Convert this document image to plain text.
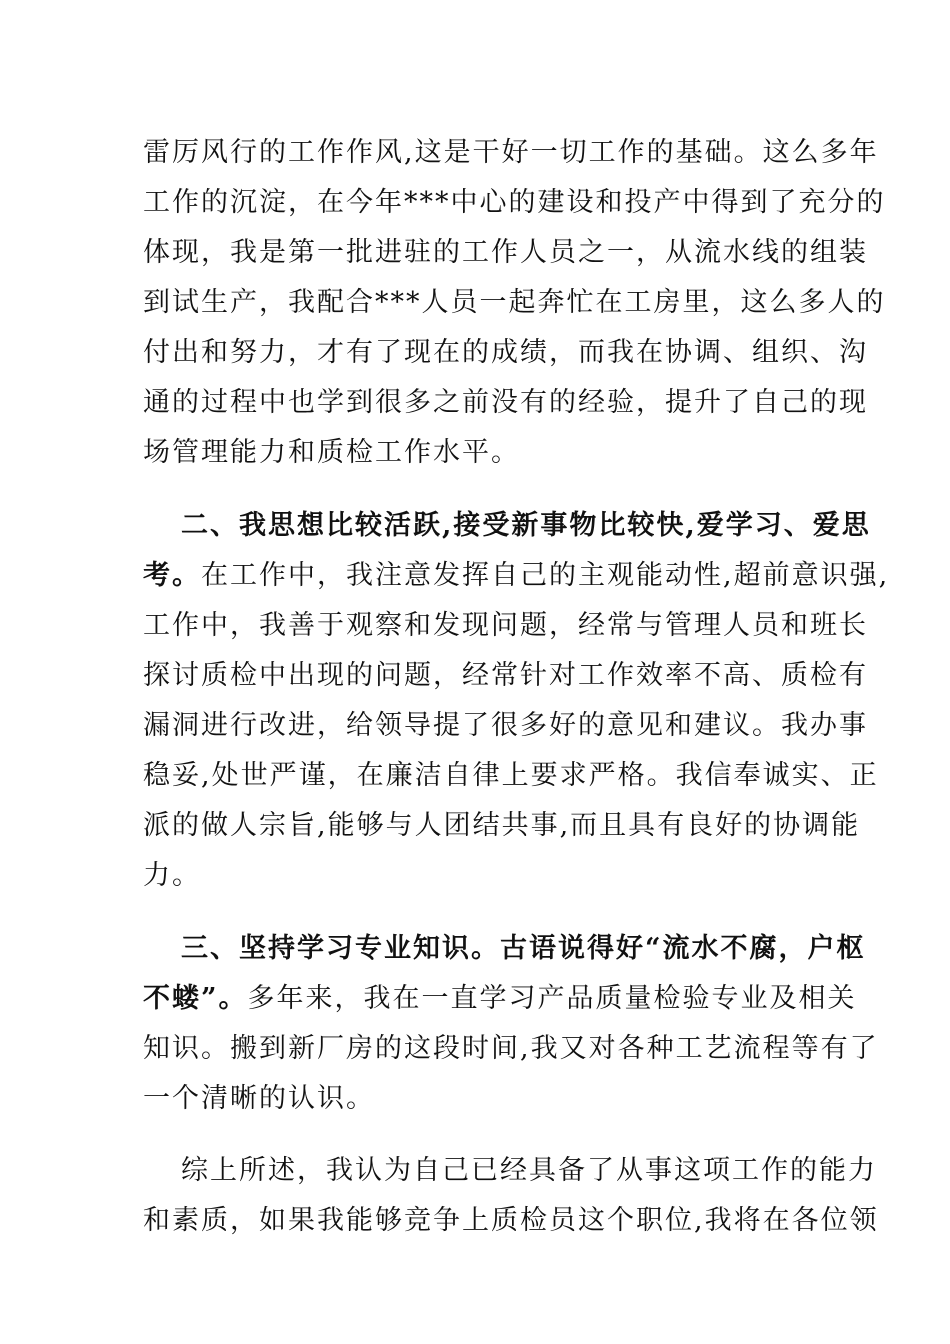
雷厉风行的工作作风,这是干好一切工作的基础。这么多年
工作的沉淀，在今年***中心的建设和投产中得到了充分的
体现，我是第一批进驻的工作人员之一，从流水线的组装
到试生产，我配合***人员一起奔忙在工房里，这么多人的
付出和努力，才有了现在的成绩，而我在协调、组织、沟
通的过程中也学到很多之前没有的经验，提升了自己的现
场管理能力和质检工作水平。
二、我思想比较活跃,接受新事物比较快,爱学习、爱思
考。在工作中，我注意发挥自己的主观能动性,超前意识强,
工作中，我善于观察和发现问题，经常与管理人员和班长
探讨质检中出现的问题，经常针对工作效率不高、质检有
漏洞进行改进，给领导提了很多好的意见和建议。我办事
稳妥,处世严谨，在廉洁自律上要求严格。我信奉诚实、正
派的做人宗旨,能够与人团结共事,而且具有良好的协调能
力。
三、坚持学习专业知识。古语说得好“流水不腐，户枢
不蝼”。多年来，我在一直学习产品质量检验专业及相关
知识。搬到新厂房的这段时间,我又对各种工艺流程等有了
一个清晰的认识。
综上所述，我认为自己已经具备了从事这项工作的能力
和素质，如果我能够竞争上质检员这个职位,我将在各位领
